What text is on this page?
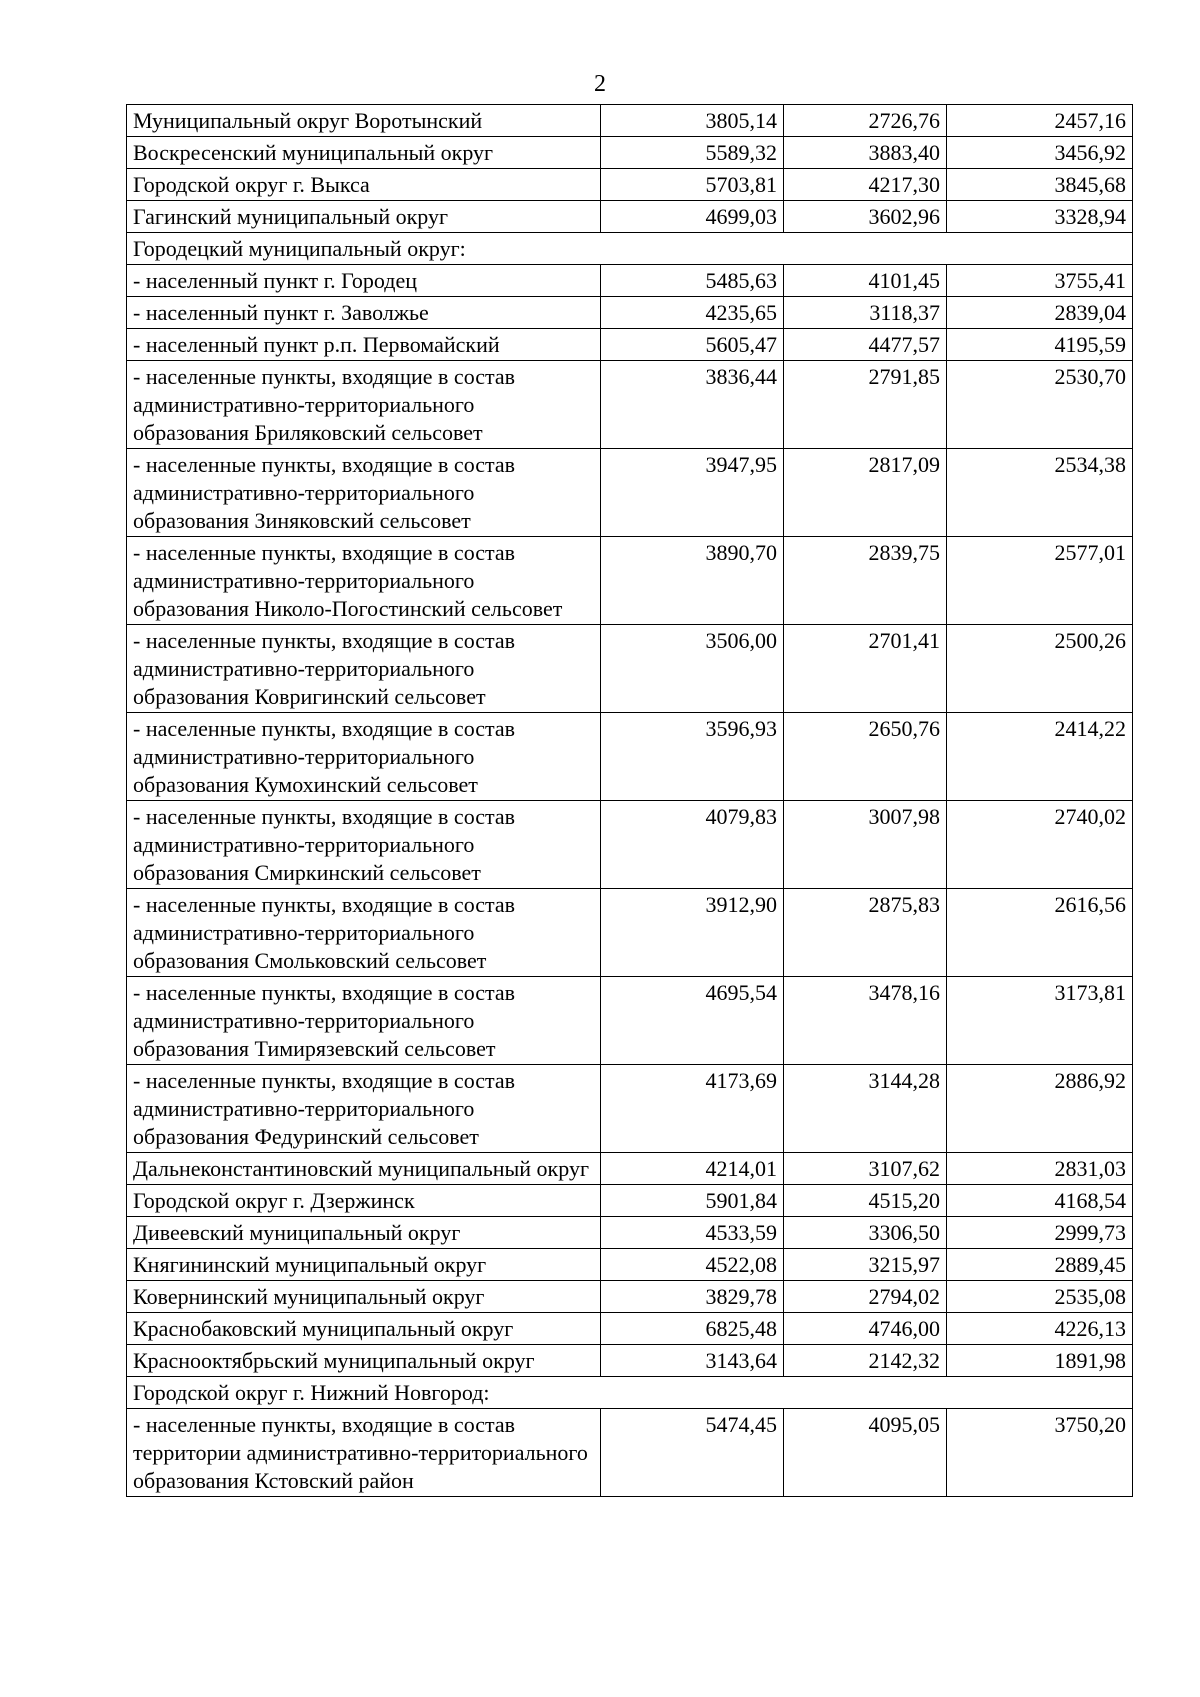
2
Муниципальный округ Воротынский	3805,14	2726,76	2457,16
Воскресенский муниципальный округ	5589,32	3883,40	3456,92
Городской округ г. Выкса	5703,81	4217,30	3845,68
Гагинский муниципальный округ	4699,03	3602,96	3328,94
Городецкий муниципальный округ:			
- населенный пункт г. Городец	5485,63	4101,45	3755,41
- населенный пункт г. Заволжье	4235,65	3118,37	2839,04
- населенный пункт р.п. Первомайский	5605,47	4477,57	4195,59
- населенные пункты, входящие в состав административно-территориального образования Бриляковский сельсовет	3836,44	2791,85	2530,70
- населенные пункты, входящие в состав административно-территориального образования Зиняковский сельсовет	3947,95	2817,09	2534,38
- населенные пункты, входящие в состав административно-территориального образования Николо-Погостинский сельсовет	3890,70	2839,75	2577,01
- населенные пункты, входящие в состав административно-территориального образования Ковригинский сельсовет	3506,00	2701,41	2500,26
- населенные пункты, входящие в состав административно-территориального образования Кумохинский сельсовет	3596,93	2650,76	2414,22
- населенные пункты, входящие в состав административно-территориального образования Смиркинский сельсовет	4079,83	3007,98	2740,02
- населенные пункты, входящие в состав административно-территориального образования Смольковский сельсовет	3912,90	2875,83	2616,56
- населенные пункты, входящие в состав административно-территориального образования Тимирязевский сельсовет	4695,54	3478,16	3173,81
- населенные пункты, входящие в состав административно-территориального образования Федуринский сельсовет	4173,69	3144,28	2886,92
Дальнеконстантиновский муниципальный округ	4214,01	3107,62	2831,03
Городской округ г. Дзержинск	5901,84	4515,20	4168,54
Дивеевский муниципальный округ	4533,59	3306,50	2999,73
Княгининский муниципальный округ	4522,08	3215,97	2889,45
Ковернинский муниципальный округ	3829,78	2794,02	2535,08
Краснобаковский муниципальный округ	6825,48	4746,00	4226,13
Краснооктябрьский муниципальный округ	3143,64	2142,32	1891,98
Городской округ г. Нижний Новгород:			
- населенные пункты, входящие в состав территории административно-территориального образования Кстовский район	5474,45	4095,05	3750,20
